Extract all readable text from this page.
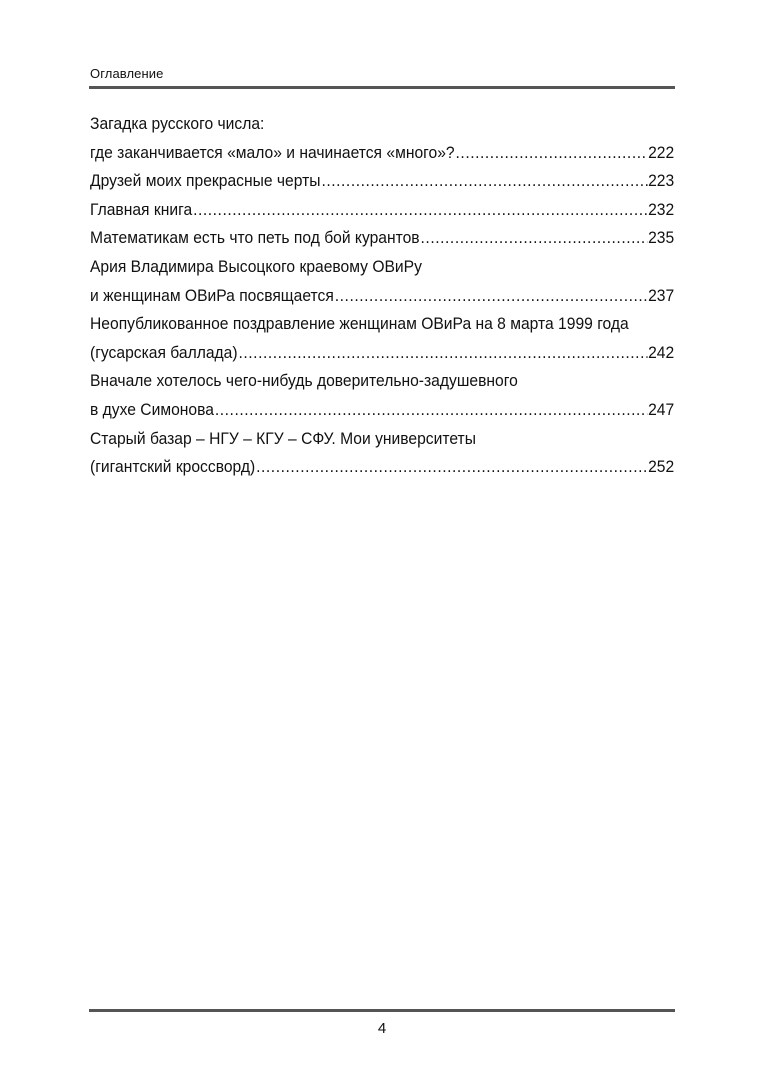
Оглавление
Загадка русского числа:
где заканчивается «мало» и начинается «много»? .....	222
Друзей моих прекрасные черты .....	223
Главная книга .....	232
Математикам есть что петь под бой курантов .....	235
Ария Владимира Высоцкого краевому ОВиРу
и женщинам ОВиРа посвящается .....	237
Неопубликованное поздравление женщинам ОВиРа на 8 марта 1999 года
(гусарская баллада) .....	242
Вначале хотелось чего-нибудь доверительно-задушевного
в духе Симонова .....	247
Старый базар – НГУ – КГУ – СФУ. Мои университеты
(гигантский кроссворд) .....	252
4
